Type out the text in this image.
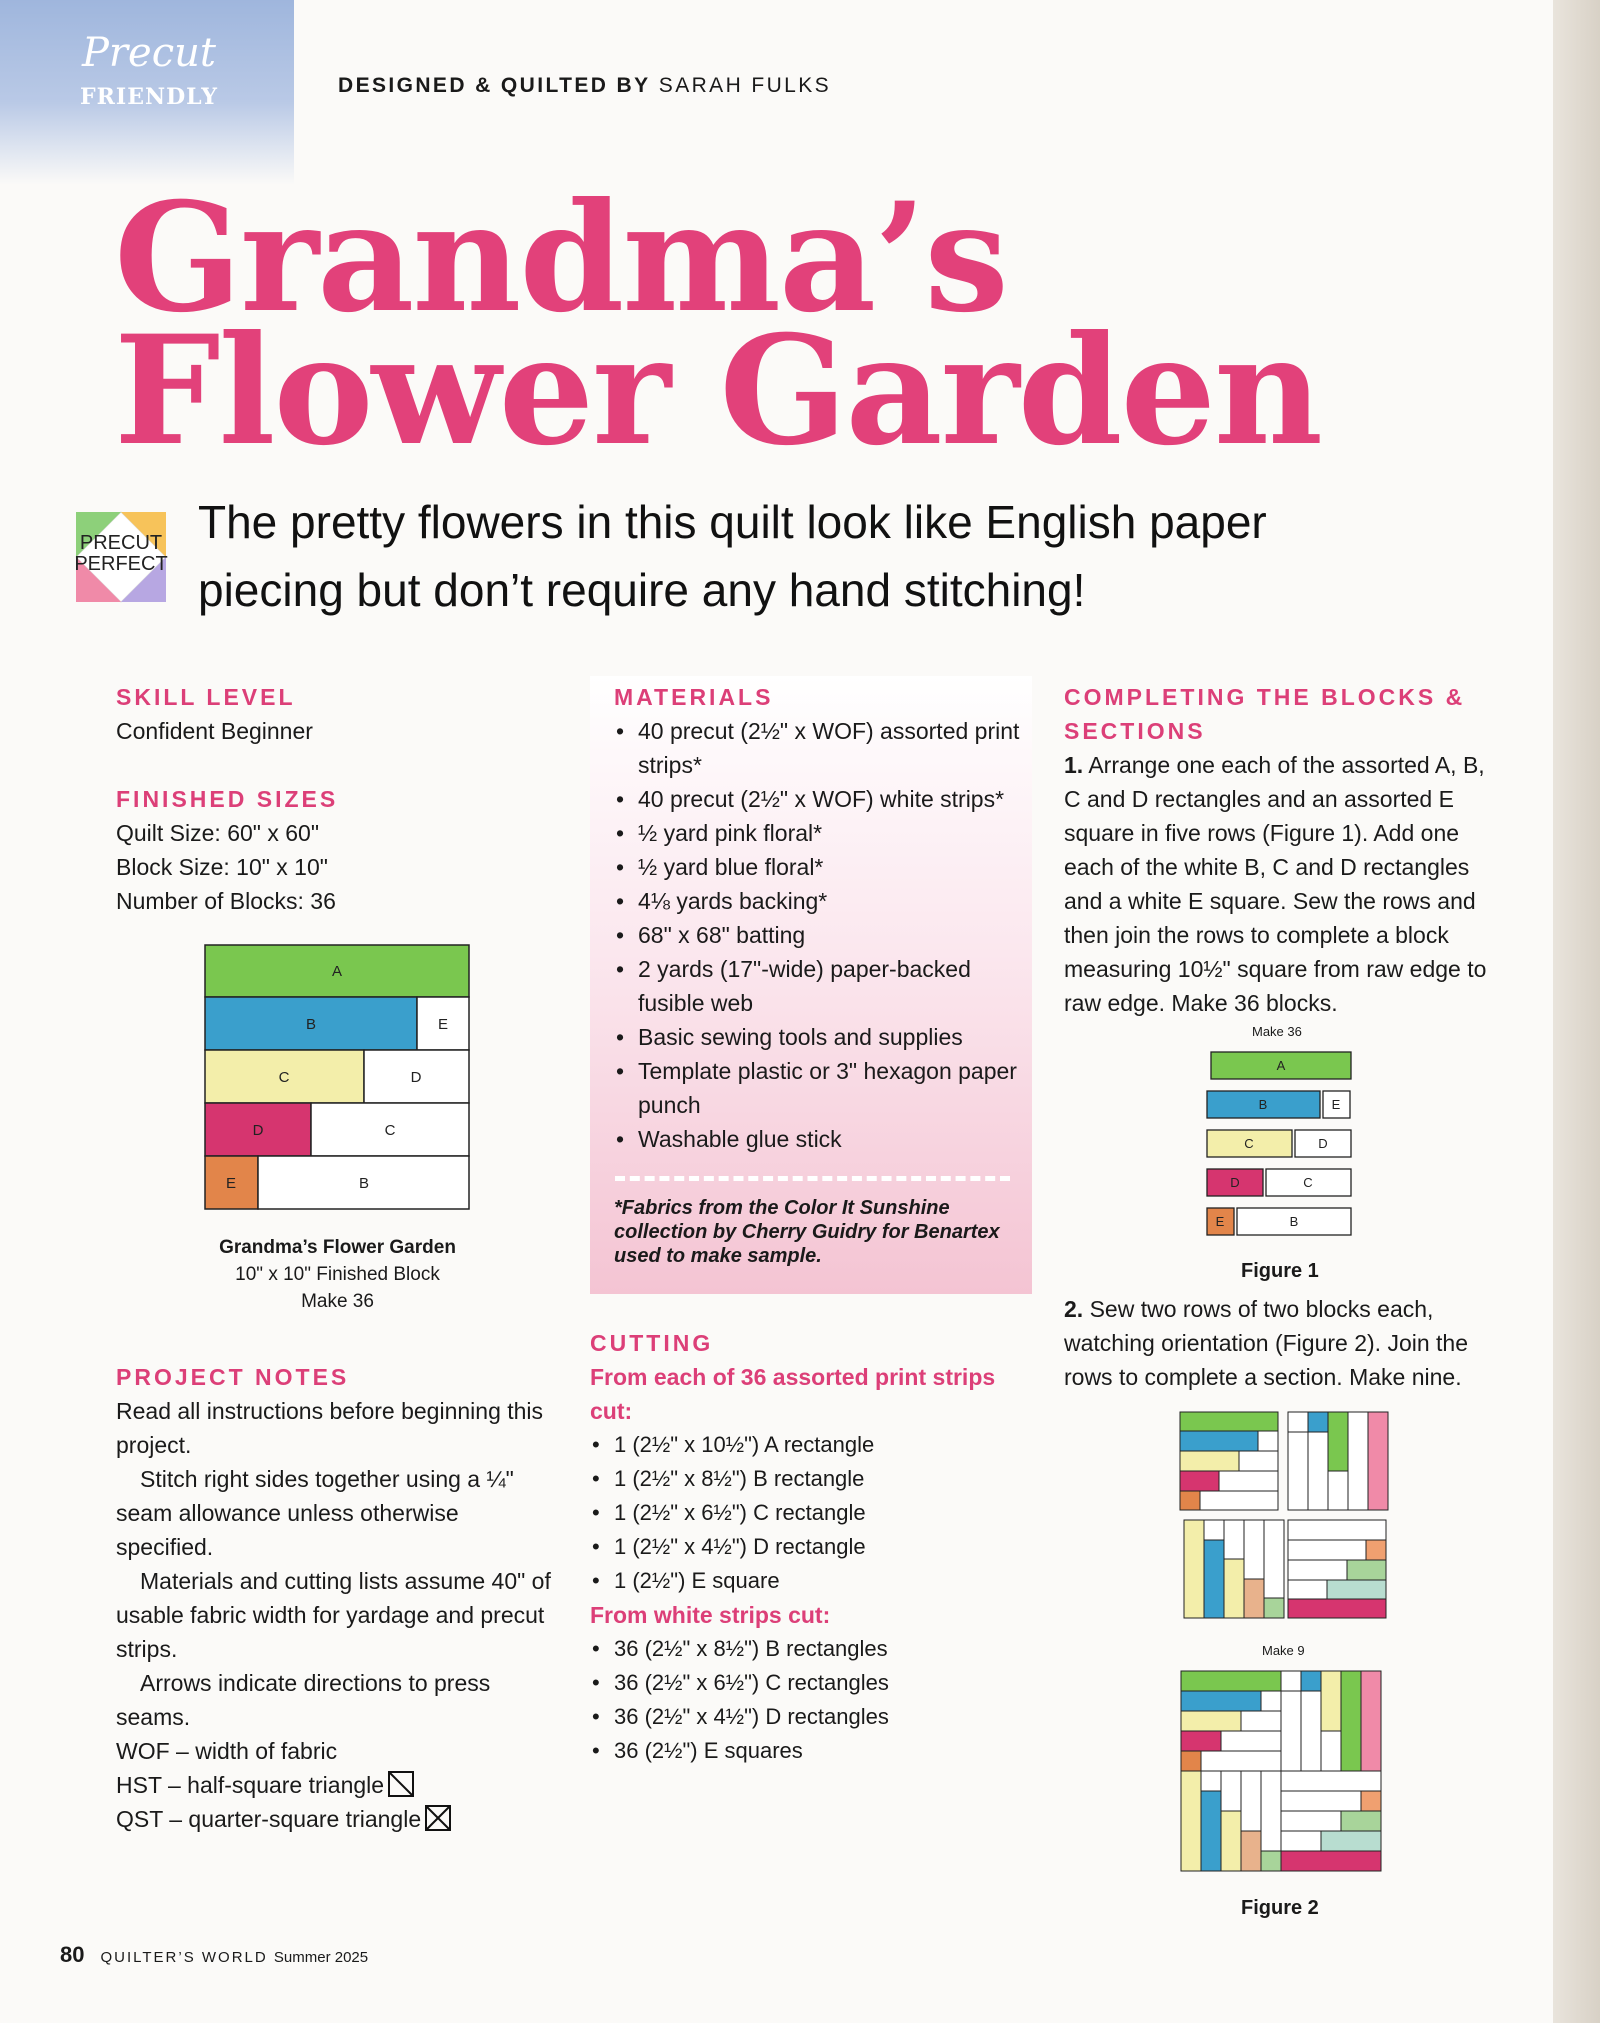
Precut
FRIENDLY	DESIGNED & QUILTED BY SARAH FULKS
Grandma’s
Flower Garden
PRECUT
PERFECT
The pretty flowers in this quilt look like English paper piecing but don’t require any hand stitching!
SKILL LEVEL
Confident Beginner
FINISHED SIZES
Quilt Size: 60" x 60"
Block Size: 10" x 10"
Number of Blocks: 36
A
B	E
C	D
D	C
E	B
Grandma’s Flower Garden
10" x 10" Finished Block
Make 36
PROJECT NOTES

Read all instructions before beginning this project.

Stitch right sides together using a ¼" seam allowance unless otherwise specified.

Materials and cutting lists assume 40" of usable fabric width for yardage and precut strips.

Arrows indicate directions to press seams.

WOF – width of fabric

HST – half-square triangle

QST – quarter-square triangle

MATERIALS
• 40 precut (2½" x WOF) assorted print strips*
• 40 precut (2½" x WOF) white strips*
• ½ yard pink floral*
• ½ yard blue floral*
• 4⅛ yards backing*
• 68" x 68" batting
• 2 yards (17"-wide) paper-backed fusible web
• Basic sewing tools and supplies
• Template plastic or 3" hexagon paper punch
• Washable glue stick
*Fabrics from the Color It Sunshine collection by Cherry Guidry for Benartex used to make sample.
CUTTING
From each of 36 assorted print strips cut:
• 1 (2½" x 10½") A rectangle
• 1 (2½" x 8½") B rectangle
• 1 (2½" x 6½") C rectangle
• 1 (2½" x 4½") D rectangle
• 1 (2½") E square
From white strips cut:
• 36 (2½" x 8½") B rectangles
• 36 (2½" x 6½") C rectangles
• 36 (2½" x 4½") D rectangles
• 36 (2½") E squares
COMPLETING THE BLOCKS & SECTIONS

1. Arrange one each of the assorted A, B, C and D rectangles and an assorted E square in five rows (Figure 1). Add one each of the white B, C and D rectangles and a white E square. Sew the rows and then join the rows to complete a block measuring 10½" square from raw edge to raw edge. Make 36 blocks.

Make 36
A
B	E
C	D
D	C
E	B
Figure 1

2. Sew two rows of two blocks each, watching orientation (Figure 2). Join the rows to complete a section. Make nine.

Make 9
Figure 2
80 QUILTER’S WORLD Summer 2025
